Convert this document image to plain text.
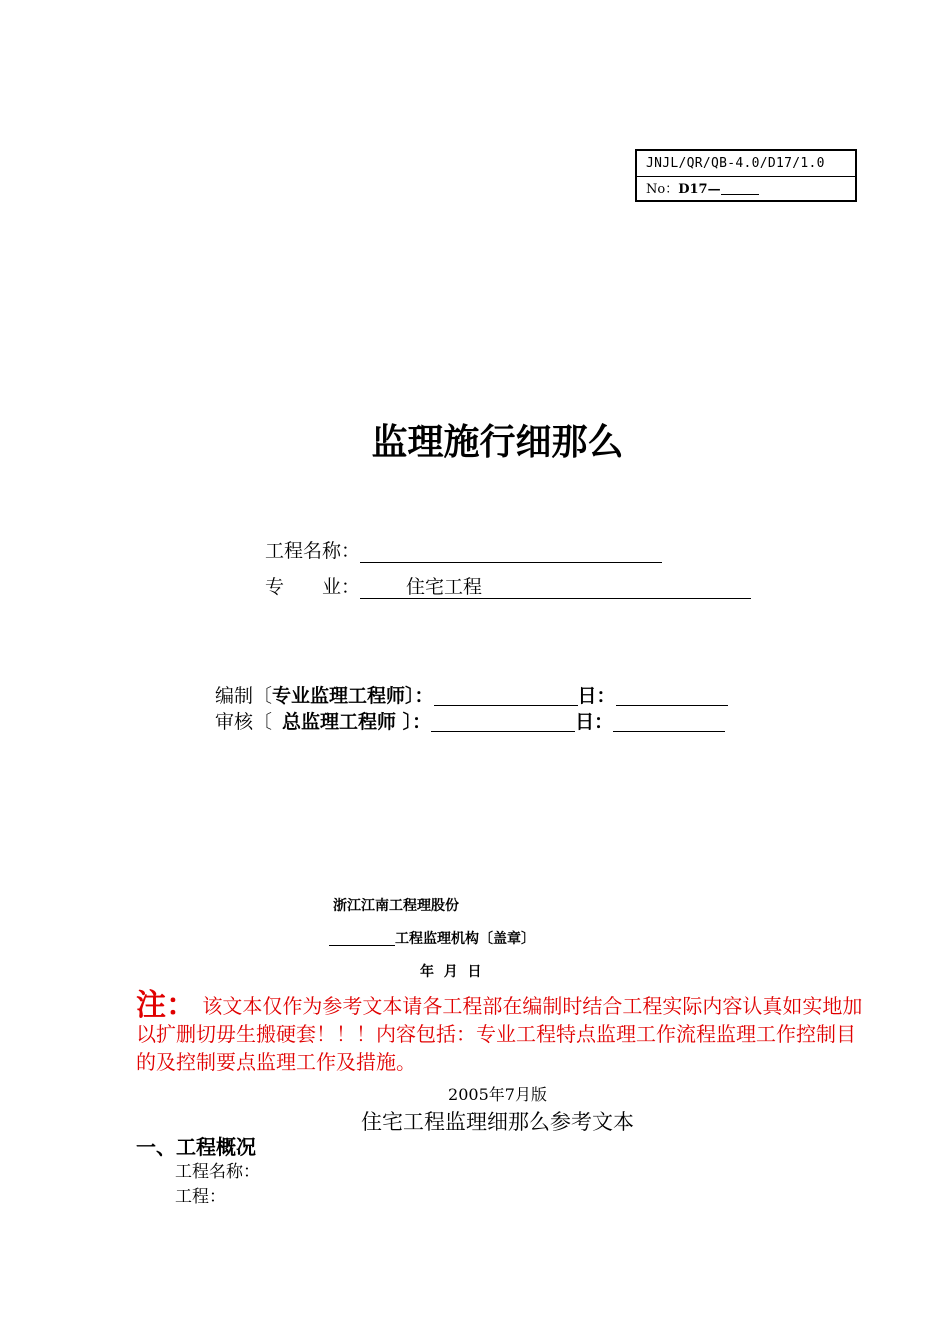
JNJL/QR/QB-4.0/D17/1.0
No：D17—
监理施行细那么
工程名称：
专　　业： 住宅工程
编制〔专业监理工程师〕：	日：
审核〔 总监理工程师 〕：	日：
浙江江南工程理股份
工程监理机构〔盖章〕
年  月  日
注： 该文本仅作为参考文本请各工程部在编制时结合工程实际内容认真如实地加以扩删切毋生搬硬套！！！内容包括：专业工程特点监理工作流程监理工作控制目的及控制要点监理工作及措施。
2005年7月版
住宅工程监理细那么参考文本
一、工程概况
工程名称：
工程：
